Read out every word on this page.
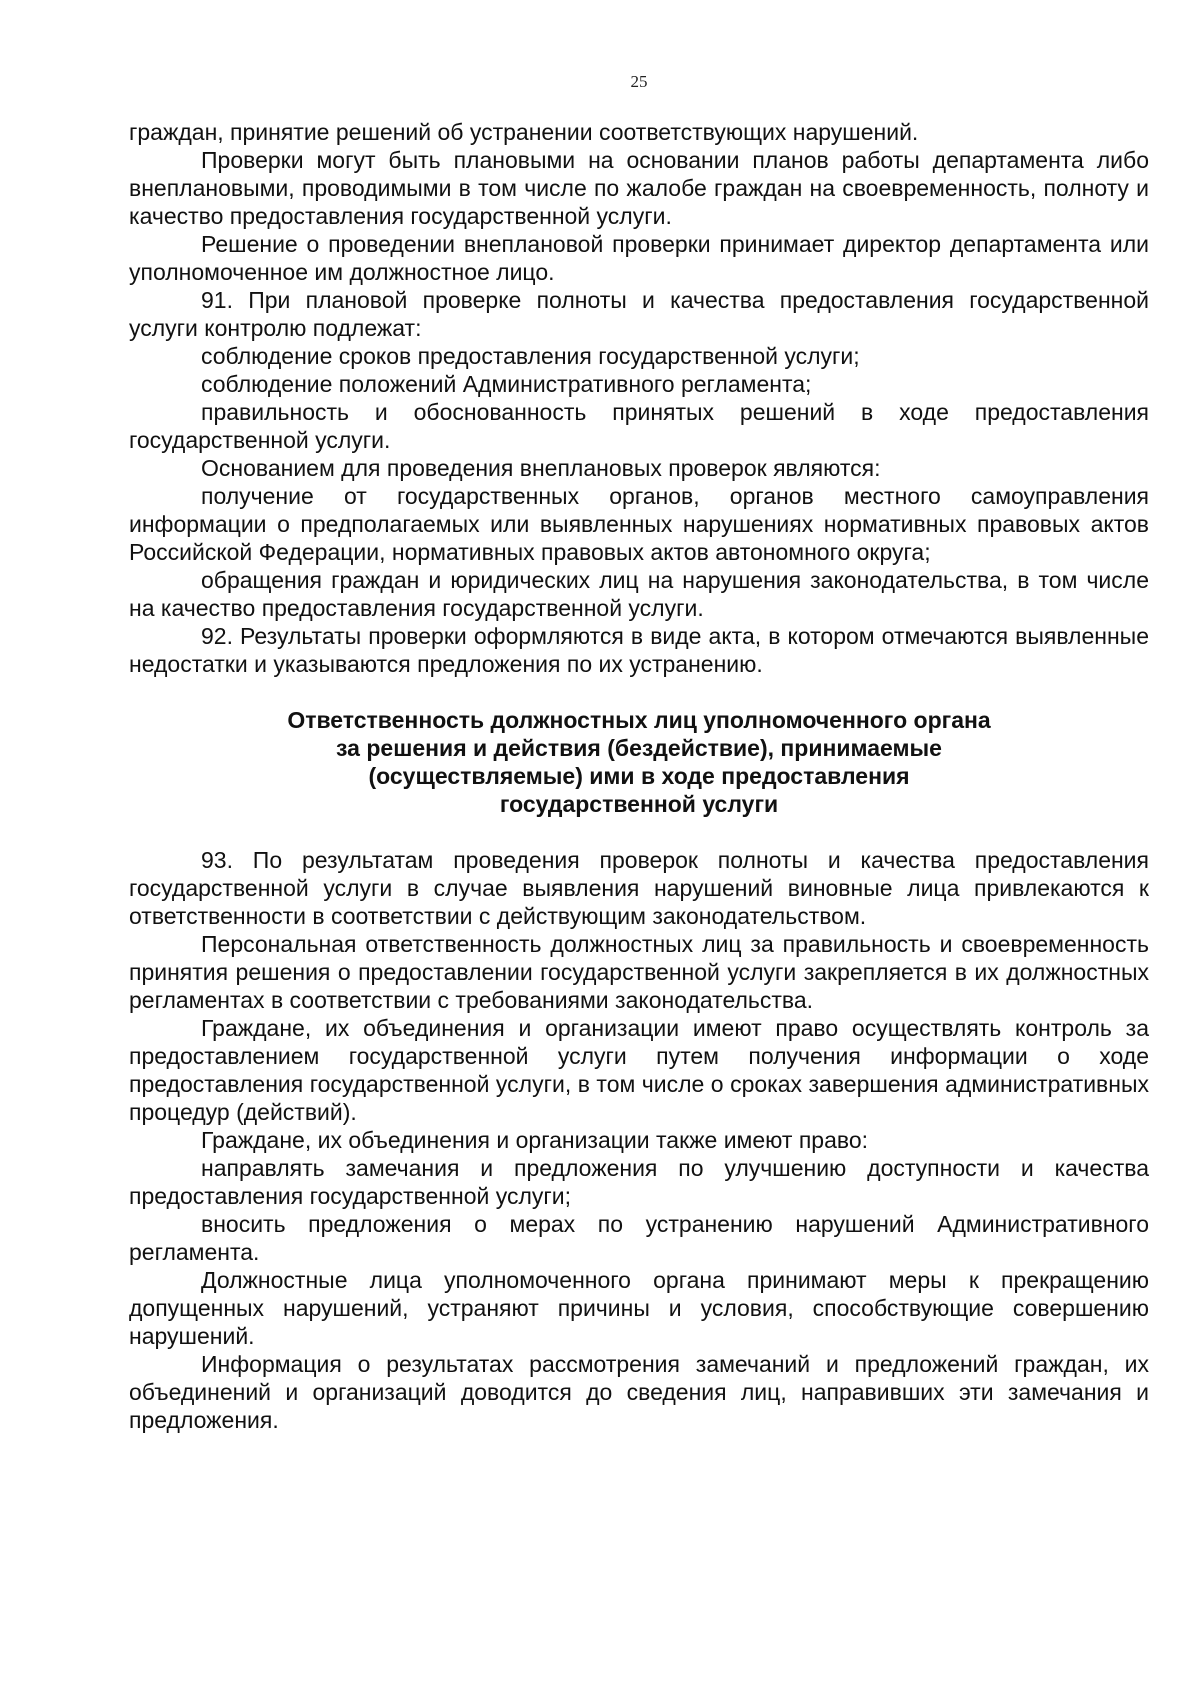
25

граждан, принятие решений об устранении соответствующих нарушений.

Проверки могут быть плановыми на основании планов работы департамента либо внеплановыми, проводимыми в том числе по жалобе граждан на своевременность, полноту и качество предоставления государственной услуги.

Решение о проведении внеплановой проверки принимает директор департамента или уполномоченное им должностное лицо.

91. При плановой проверке полноты и качества предоставления государственной услуги контролю подлежат:

соблюдение сроков предоставления государственной услуги;

соблюдение положений Административного регламента;

правильность и обоснованность принятых решений в ходе предоставления государственной услуги.

Основанием для проведения внеплановых проверок являются:

получение от государственных органов, органов местного самоуправления информации о предполагаемых или выявленных нарушениях нормативных правовых актов Российской Федерации, нормативных правовых актов автономного округа;

обращения граждан и юридических лиц на нарушения законодательства, в том числе на качество предоставления государственной услуги.

92. Результаты проверки оформляются в виде акта, в котором отмечаются выявленные недостатки и указываются предложения по их устранению.

Ответственность должностных лиц уполномоченного органа
за решения и действия (бездействие), принимаемые
(осуществляемые) ими в ходе предоставления
государственной услуги

93. По результатам проведения проверок полноты и качества предоставления государственной услуги в случае выявления нарушений виновные лица привлекаются к ответственности в соответствии с действующим законодательством.

Персональная ответственность должностных лиц за правильность и своевременность принятия решения о предоставлении государственной услуги закрепляется в их должностных регламентах в соответствии с требованиями законодательства.

Граждане, их объединения и организации имеют право осуществлять контроль за предоставлением государственной услуги путем получения информации о ходе предоставления государственной услуги, в том числе о сроках завершения административных процедур (действий).

Граждане, их объединения и организации также имеют право:

направлять замечания и предложения по улучшению доступности и качества предоставления государственной услуги;

вносить предложения о мерах по устранению нарушений Административного регламента.

Должностные лица уполномоченного органа принимают меры к прекращению допущенных нарушений, устраняют причины и условия, способствующие совершению нарушений.

Информация о результатах рассмотрения замечаний и предложений граждан, их объединений и организаций доводится до сведения лиц, направивших эти замечания и предложения.
